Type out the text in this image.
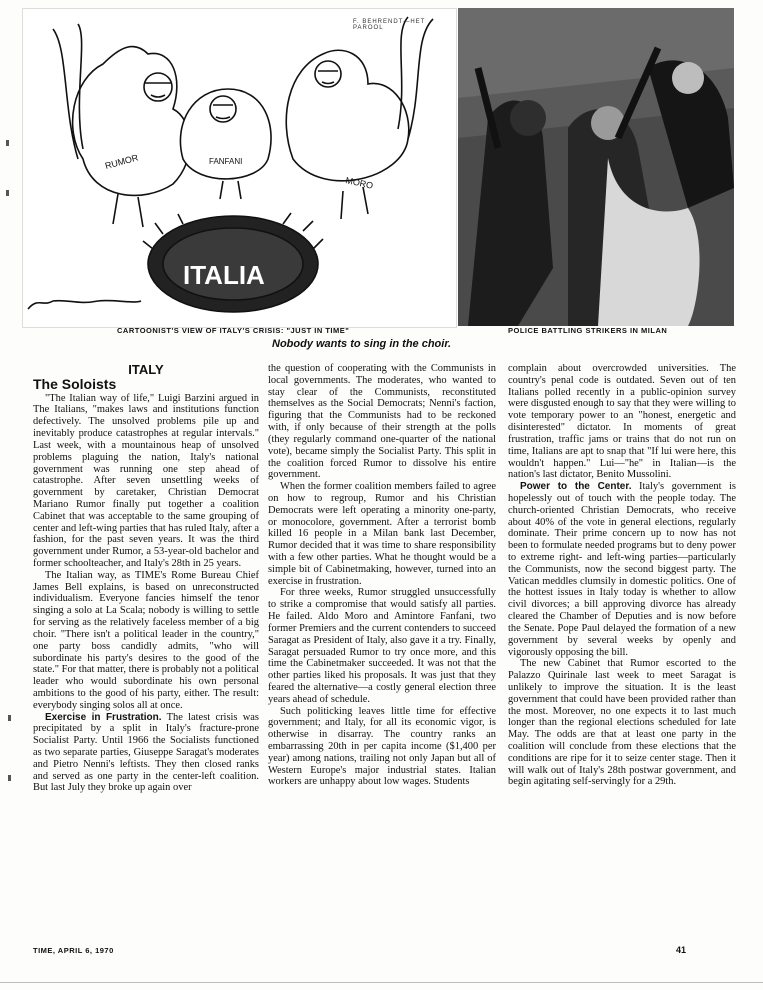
RUMOR	FANFANI
MORO
ITALIA
F. BEHRENDT—HET PAROOL
CARTOONIST'S VIEW OF ITALY'S CRISIS: "JUST IN TIME"	POLICE BATTLING STRIKERS IN MILAN
Nobody wants to sing in the choir.
ITALY
The Soloists

"The Italian way of life," Luigi Barzini argued in The Italians, "makes laws and institutions function defectively. The unsolved problems pile up and inevitably produce catastrophes at regular intervals." Last week, with a mountainous heap of unsolved problems plaguing the nation, Italy's national government was running one step ahead of catastrophe. After seven unsettling weeks of government by caretaker, Christian Democrat Mariano Rumor finally put together a coalition Cabinet that was acceptable to the same grouping of center and left-wing parties that has ruled Italy, after a fashion, for the past seven years. It was the third government under Rumor, a 53-year-old bachelor and former schoolteacher, and Italy's 28th in 25 years.

The Italian way, as TIME's Rome Bureau Chief James Bell explains, is based on unreconstructed individualism. Everyone fancies himself the tenor singing a solo at La Scala; nobody is willing to settle for serving as the relatively faceless member of a big choir. "There isn't a political leader in the country," one party boss candidly admits, "who will subordinate his party's desires to the good of the state." For that matter, there is probably not a political leader who would subordinate his own personal ambitions to the good of his party, either. The result: everybody singing solos all at once.

Exercise in Frustration. The latest crisis was precipitated by a split in Italy's fracture-prone Socialist Party. Until 1966 the Socialists functioned as two separate parties, Giuseppe Saragat's moderates and Pietro Nenni's leftists. They then closed ranks and served as one party in the center-left coalition. But last July they broke up again over

the question of cooperating with the Communists in local governments. The moderates, who wanted to stay clear of the Communists, reconstituted themselves as the Social Democrats; Nenni's faction, figuring that the Communists had to be reckoned with, if only because of their strength at the polls (they regularly command one-quarter of the national vote), became simply the Socialist Party. This split in the coalition forced Rumor to dissolve his entire government.

When the former coalition members failed to agree on how to regroup, Rumor and his Christian Democrats were left operating a minority one-party, or monocolore, government. After a terrorist bomb killed 16 people in a Milan bank last December, Rumor decided that it was time to share responsibility with a few other parties. What he thought would be a simple bit of Cabinetmaking, however, turned into an exercise in frustration.

For three weeks, Rumor struggled unsuccessfully to strike a compromise that would satisfy all parties. He failed. Aldo Moro and Amintore Fanfani, two former Premiers and the current contenders to succeed Saragat as President of Italy, also gave it a try. Finally, Saragat persuaded Rumor to try once more, and this time the Cabinetmaker succeeded. It was not that the other parties liked his proposals. It was just that they feared the alternative—a costly general election three years ahead of schedule.

Such politicking leaves little time for effective government; and Italy, for all its economic vigor, is otherwise in disarray. The country ranks an embarrassing 20th in per capita income ($1,400 per year) among nations, trailing not only Japan but all of Western Europe's major industrial states. Italian workers are unhappy about low wages. Students

complain about overcrowded universities. The country's penal code is outdated. Seven out of ten Italians polled recently in a public-opinion survey were disgusted enough to say that they were willing to vote temporary power to an "honest, energetic and disinterested" dictator. In moments of great frustration, traffic jams or trains that do not run on time, Italians are apt to snap that "If lui were here, this wouldn't happen." Lui—"he" in Italian—is the nation's last dictator, Benito Mussolini.

Power to the Center. Italy's government is hopelessly out of touch with the people today. The church-oriented Christian Democrats, who receive about 40% of the vote in general elections, regularly dominate. Their prime concern up to now has not been to formulate needed programs but to deny power to extreme right- and left-wing parties—particularly the Communists, now the second biggest party. The Vatican meddles clumsily in domestic politics. One of the hottest issues in Italy today is whether to allow civil divorces; a bill approving divorce has already cleared the Chamber of Deputies and is now before the Senate. Pope Paul delayed the formation of a new government by several weeks by openly and vigorously opposing the bill.

The new Cabinet that Rumor escorted to the Palazzo Quirinale last week to meet Saragat is unlikely to improve the situation. It is the least government that could have been provided rather than the most. Moreover, no one expects it to last much longer than the regional elections scheduled for late May. The odds are that at least one party in the coalition will conclude from these elections that the conditions are ripe for it to seize center stage. Then it will walk out of Italy's 28th postwar government, and begin agitating self-servingly for a 29th.

TIME, APRIL 6, 1970	41
